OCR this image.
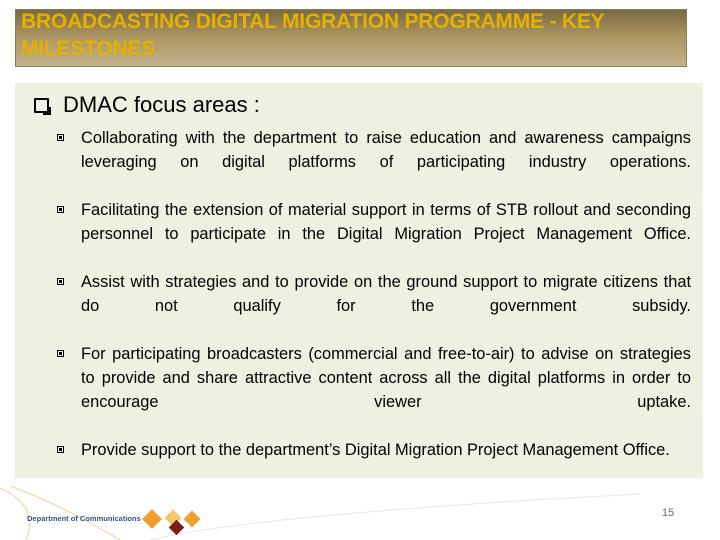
BROADCASTING DIGITAL MIGRATION PROGRAMME - KEY MILESTONES
DMAC focus areas :
Collaborating with the department to raise education and awareness campaigns leveraging on digital platforms of participating industry operations.
Facilitating the extension of material support in terms of STB rollout and seconding personnel to participate in the Digital Migration Project Management Office.
Assist with strategies and to provide on the ground support to migrate citizens that do not qualify for the government subsidy.
For participating broadcasters (commercial and free-to-air) to advise on strategies to provide and share attractive content across all the digital platforms in order to encourage viewer uptake.
Provide support to the department’s Digital Migration Project Management Office.
Department of Communications	15
